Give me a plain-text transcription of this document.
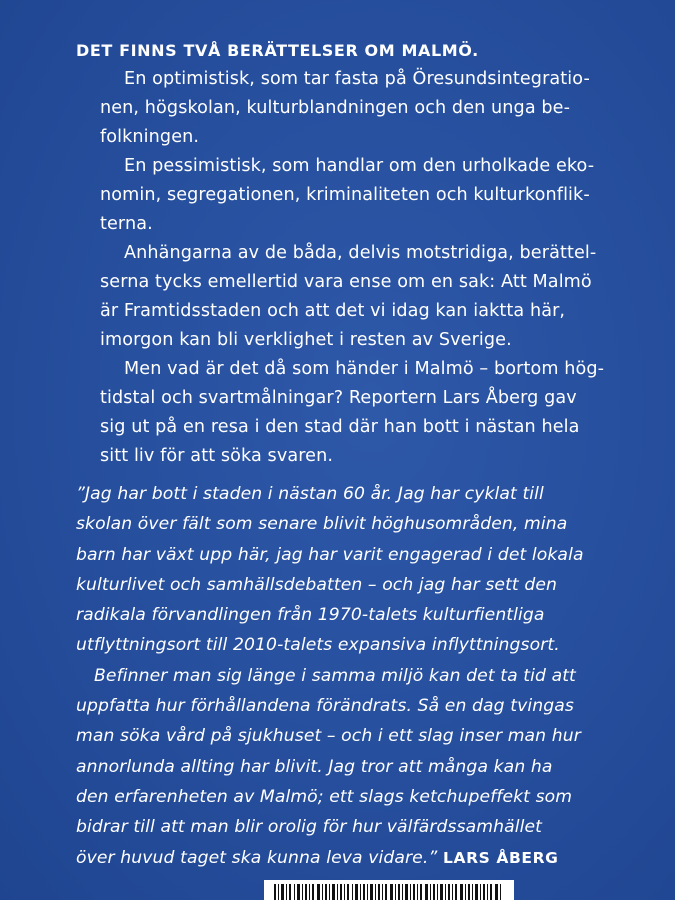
DET FINNS TVÅ BERÄTTELSER OM MALMÖ.
En optimistisk, som tar fasta på Öresundsintegratio-
nen, högskolan, kulturblandningen och den unga be-
folkningen.

En pessimistisk, som handlar om den urholkade eko-
nomin, segregationen, kriminaliteten och kulturkonflik-
terna.

Anhängarna av de båda, delvis motstridiga, berättel-
serna tycks emellertid vara ense om en sak: Att Malmö
är Framtidsstaden och att det vi idag kan iaktta här,
imorgon kan bli verklighet i resten av Sverige.

Men vad är det då som händer i Malmö – bortom hög-
tidstal och svartmålningar? Reportern Lars Åberg gav
sig ut på en resa i den stad där han bott i nästan hela
sitt liv för att söka svaren.

”Jag har bott i staden i nästan 60 år. Jag har cyklat till
skolan över fält som senare blivit höghusområden, mina
barn har växt upp här, jag har varit engagerad i det lokala
kulturlivet och samhällsdebatten – och jag har sett den
radikala förvandlingen från 1970-talets kulturfientliga
utflyttningsort till 2010-talets expansiva inflyttningsort.
Befinner man sig länge i samma miljö kan det ta tid att
uppfatta hur förhållandena förändrats. Så en dag tvingas
man söka vård på sjukhuset – och i ett slag inser man hur
annorlunda allting har blivit. Jag tror att många kan ha
den erfarenheten av Malmö; ett slags ketchupeffekt som
bidrar till att man blir orolig för hur välfärdssamhället
över huvud taget ska kunna leva vidare.” LARS ÅBERG
